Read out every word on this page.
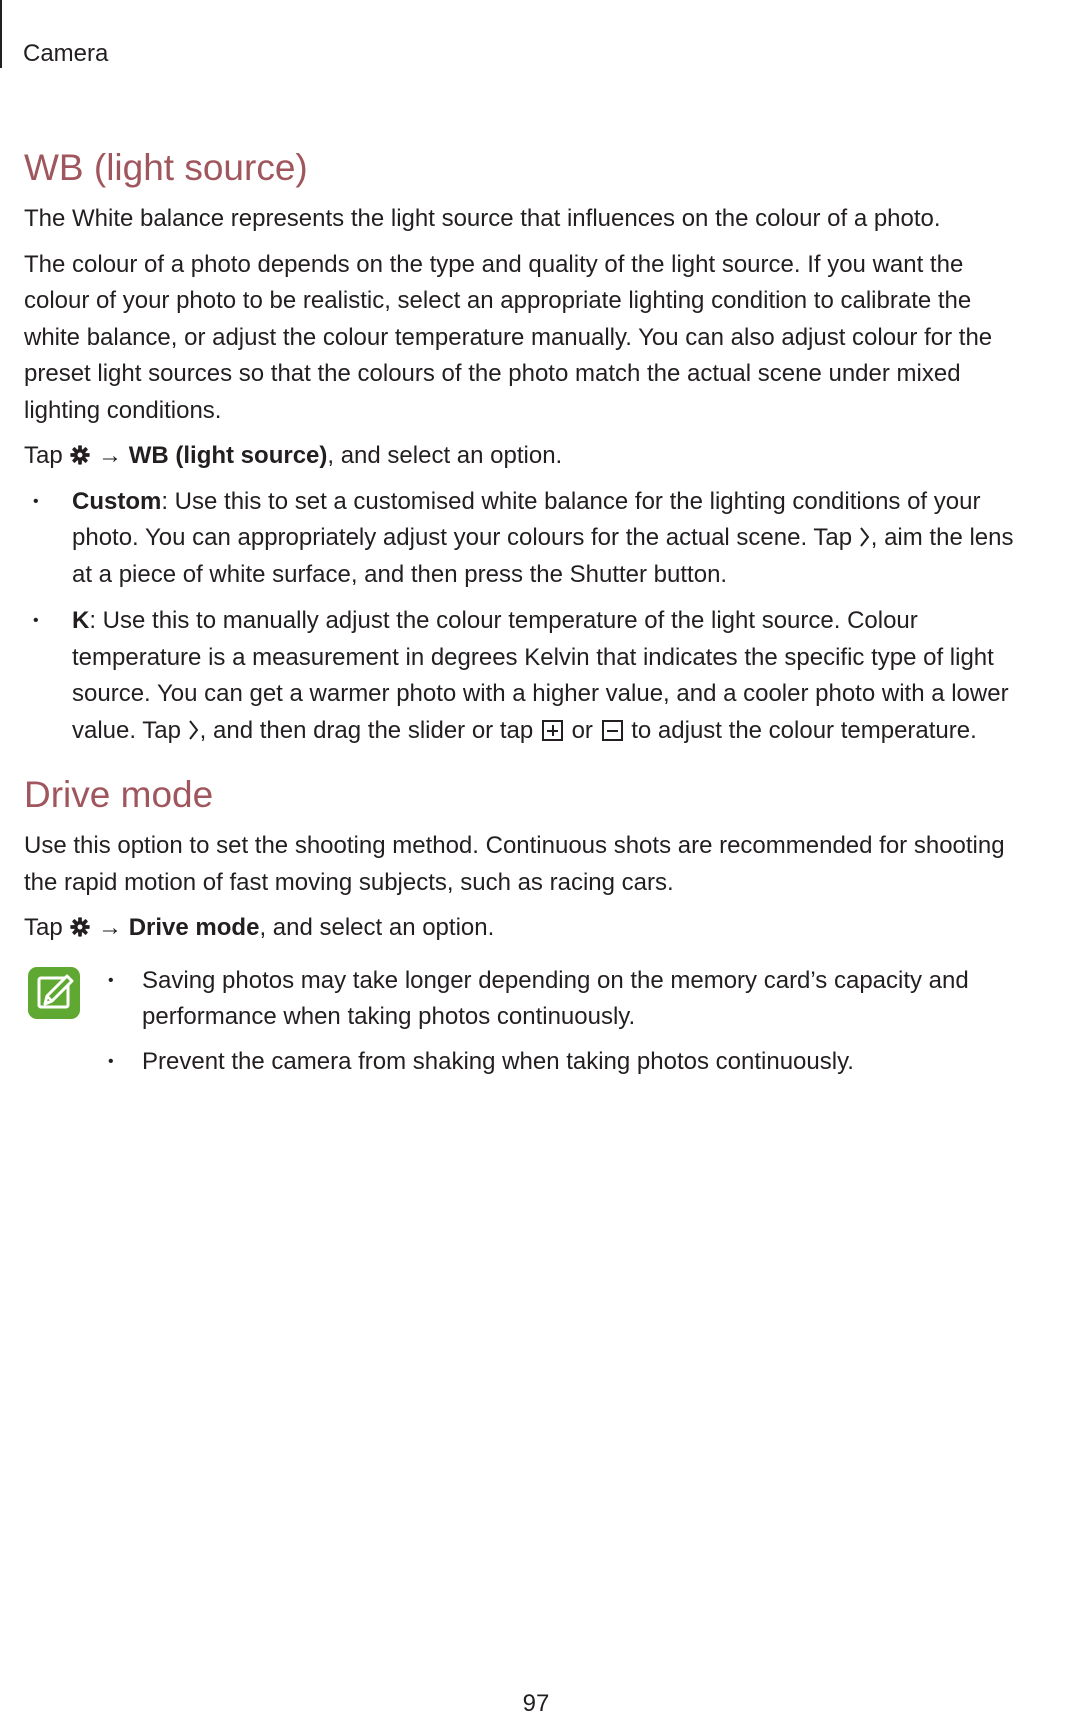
Camera
WB (light source)

The White balance represents the light source that influences on the colour of a photo.

The colour of a photo depends on the type and quality of the light source. If you want the

colour of your photo to be realistic, select an appropriate lighting condition to calibrate the

white balance, or adjust the colour temperature manually. You can also adjust colour for the

preset light sources so that the colours of the photo match the actual scene under mixed

lighting conditions.

Tap → WB (light source), and select an option.

• Custom: Use this to set a customised white balance for the lighting conditions of your
photo. You can appropriately adjust your colours for the actual scene. Tap , aim the lens
at a piece of white surface, and then press the Shutter button.
• K: Use this to manually adjust the colour temperature of the light source. Colour
temperature is a measurement in degrees Kelvin that indicates the specific type of light
source. You can get a warmer photo with a higher value, and a cooler photo with a lower
value. Tap , and then drag the slider or tap or to adjust the colour temperature.
Drive mode

Use this option to set the shooting method. Continuous shots are recommended for shooting

the rapid motion of fast moving subjects, such as racing cars.

Tap → Drive mode, and select an option.

• Saving photos may take longer depending on the memory card’s capacity and
performance when taking photos continuously.
• Prevent the camera from shaking when taking photos continuously.
97
